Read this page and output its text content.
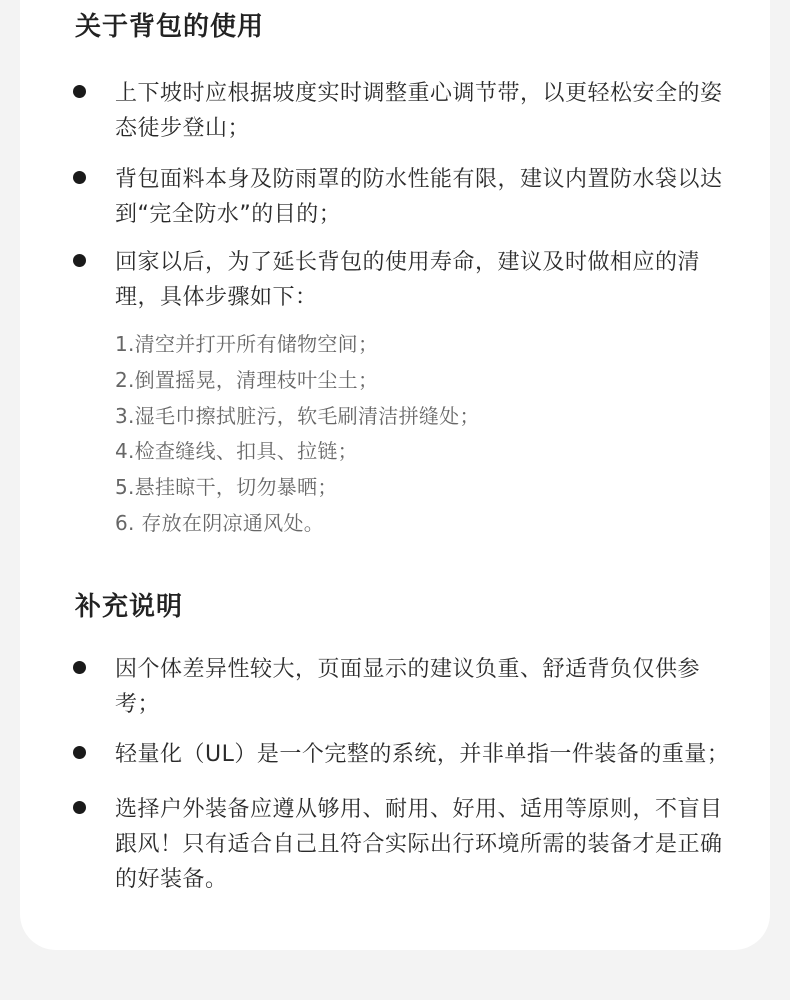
关于背包的使用
上下坡时应根据坡度实时调整重心调节带，以更轻松安全的姿态徒步登山；
背包面料本身及防雨罩的防水性能有限，建议内置防水袋以达到“完全防水”的目的；
回家以后，为了延长背包的使用寿命，建议及时做相应的清理，具体步骤如下：
1.清空并打开所有储物空间；
2.倒置摇晃，清理枝叶尘土；
3.湿毛巾擦拭脏污，软毛刷清洁拼缝处；
4.检查缝线、扣具、拉链；
5.悬挂晾干，切勿暴晒；
6. 存放在阴凉通风处。
补充说明
因个体差异性较大，页面显示的建议负重、舒适背负仅供参考；
轻量化（UL）是一个完整的系统，并非单指一件装备的重量；
选择户外装备应遵从够用、耐用、好用、适用等原则，不盲目跟风！只有适合自己且符合实际出行环境所需的装备才是正确的好装备。
